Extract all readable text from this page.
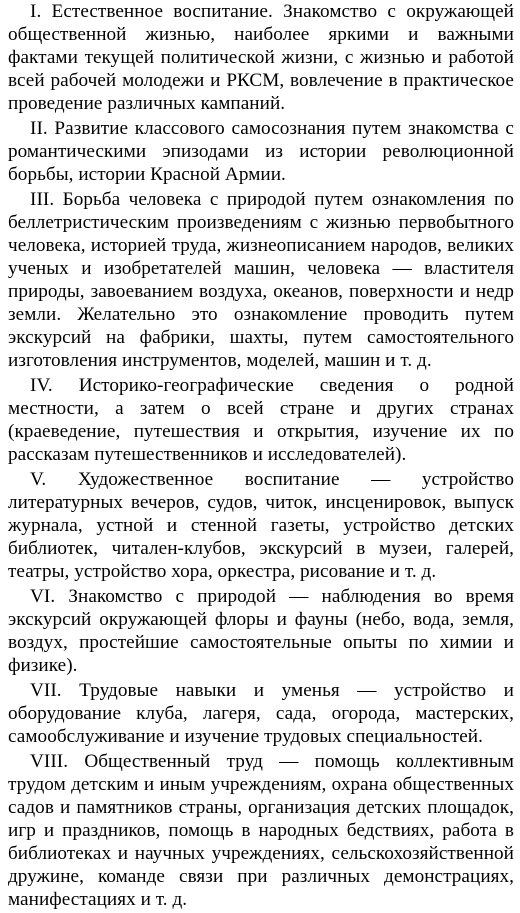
I. Естественное воспитание. Знакомство с окружающей общественной жизнью, наиболее яркими и важными фактами текущей политической жизни, с жизнью и работой всей рабочей молодежи и РКСМ, вовлечение в практическое проведение различных кампаний.

II. Развитие классового самосознания путем знакомства с романтическими эпизодами из истории революционной борьбы, истории Красной Армии.

III. Борьба человека с природой путем ознакомления по беллетристическим произведениям с жизнью первобытного человека, историей труда, жизнеописанием народов, великих ученых и изобретателей машин, человека — властителя природы, завоеванием воздуха, океанов, поверхности и недр земли. Желательно это ознакомление проводить путем экскурсий на фабрики, шахты, путем самостоятельного изготовления инструментов, моделей, машин и т. д.

IV. Историко-географические сведения о родной местности, а затем о всей стране и других странах (краеведение, путешествия и открытия, изучение их по рассказам путешественников и исследователей).

V. Художественное воспитание — устройство литературных вечеров, судов, читок, инсценировок, выпуск журнала, устной и стенной газеты, устройство детских библиотек, читален-клубов, экскурсий в музеи, галерей, театры, устройство хора, оркестра, рисование и т. д.

VI. Знакомство с природой — наблюдения во время экскурсий окружающей флоры и фауны (небо, вода, земля, воздух, простейшие самостоятельные опыты по химии и физике).

VII. Трудовые навыки и уменья — устройство и оборудование клуба, лагеря, сада, огорода, мастерских, самообслуживание и изучение трудовых специальностей.

VIII. Общественный труд — помощь коллективным трудом детским и иным учреждениям, охрана общественных садов и памятников страны, организация детских площадок, игр и праздников, помощь в народных бедствиях, работа в библиотеках и научных учреждениях, сельскохозяйственной дружине, команде связи при различных демонстрациях, манифестациях и т. д.
